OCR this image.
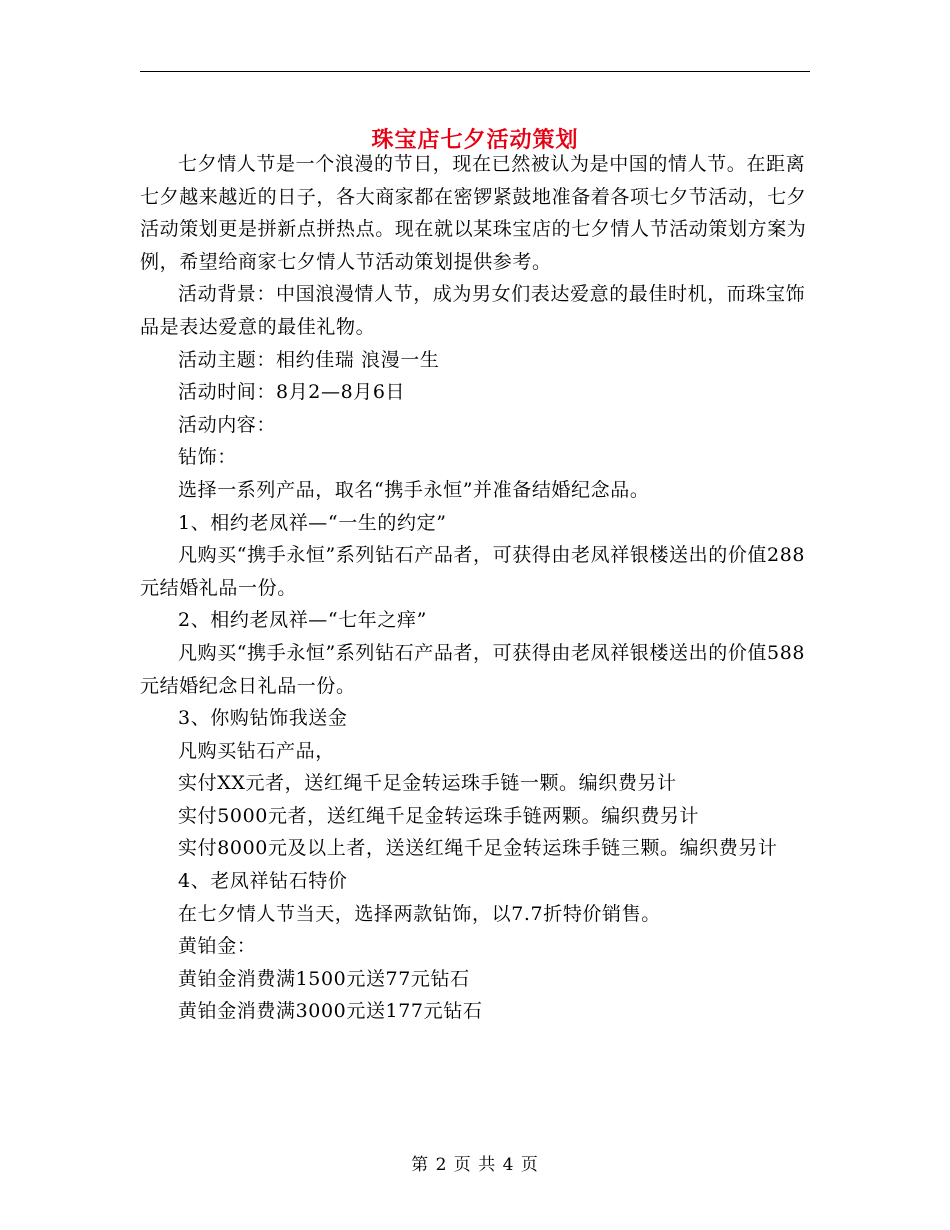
珠宝店七夕活动策划

七夕情人节是一个浪漫的节日，现在已然被认为是中国的情人节。在距离七夕越来越近的日子，各大商家都在密锣紧鼓地准备着各项七夕节活动，七夕活动策划更是拼新点拼热点。现在就以某珠宝店的七夕情人节活动策划方案为例，希望给商家七夕情人节活动策划提供参考。

活动背景：中国浪漫情人节，成为男女们表达爱意的最佳时机，而珠宝饰品是表达爱意的最佳礼物。

活动主题：相约佳瑞 浪漫一生

活动时间：8月2—8月6日

活动内容：

钻饰：

选择一系列产品，取名“携手永恒”并准备结婚纪念品。

1、相约老凤祥—“一生的约定”

凡购买“携手永恒”系列钻石产品者，可获得由老凤祥银楼送出的价值288元结婚礼品一份。

2、相约老凤祥—“七年之痒”

凡购买“携手永恒”系列钻石产品者，可获得由老凤祥银楼送出的价值588元结婚纪念日礼品一份。

3、你购钻饰我送金

凡购买钻石产品，

实付XX元者，送红绳千足金转运珠手链一颗。编织费另计

实付5000元者，送红绳千足金转运珠手链两颗。编织费另计

实付8000元及以上者，送送红绳千足金转运珠手链三颗。编织费另计

4、老凤祥钻石特价

在七夕情人节当天，选择两款钻饰，以7.7折特价销售。

黄铂金：

黄铂金消费满1500元送77元钻石

黄铂金消费满3000元送177元钻石

第 2 页 共 4 页
